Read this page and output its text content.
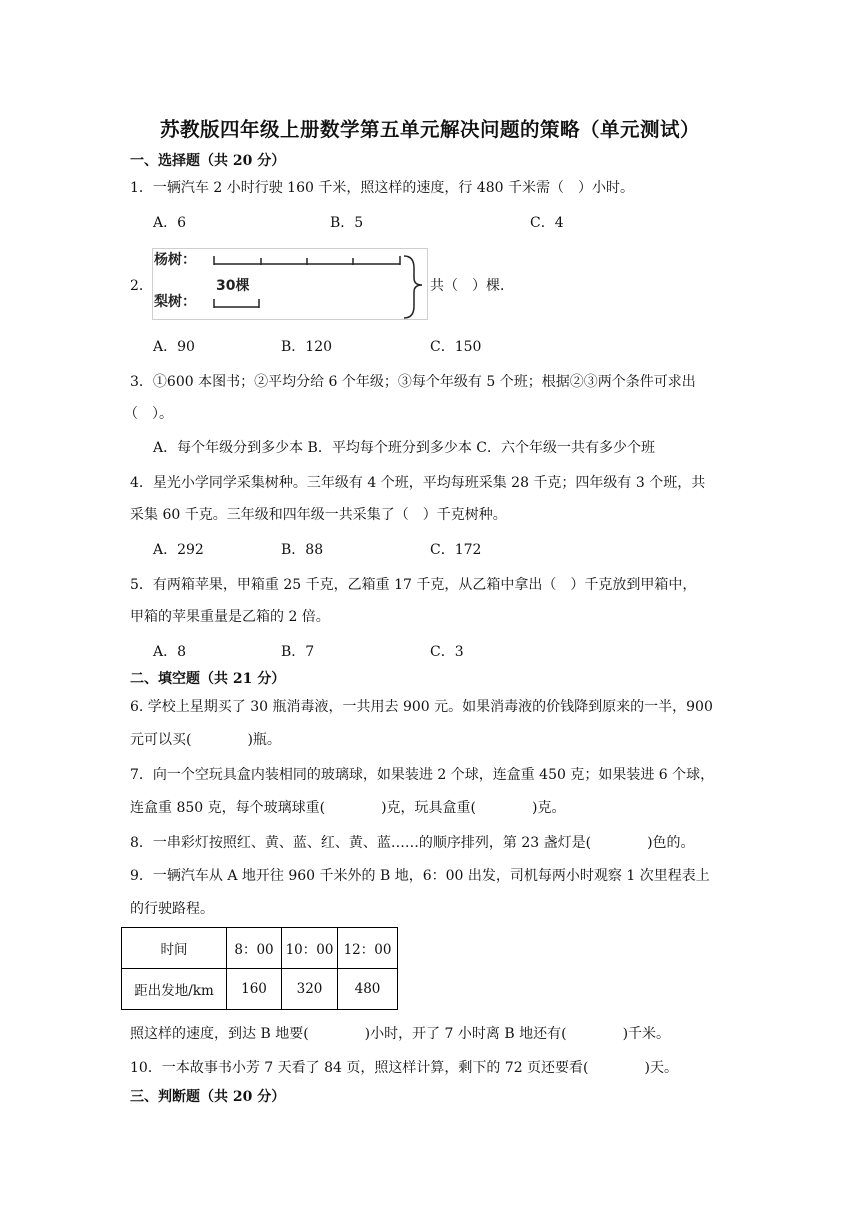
苏教版四年级上册数学第五单元解决问题的策略（单元测试）
一、选择题（共 20 分）
1．一辆汽车 2 小时行驶 160 千米，照这样的速度，行 480 千米需（　）小时。
A．6	B．5	C．4
2．
杨树：
30棵
梨树：
共（　）棵．
A．90	B．120	C．150
3．①600 本图书；②平均分给 6 个年级；③每个年级有 5 个班；根据②③两个条件可求出
（　）。
A．每个年级分到多少本 B．平均每个班分到多少本 C．六个年级一共有多少个班
4．星光小学同学采集树种。三年级有 4 个班，平均每班采集 28 千克；四年级有 3 个班，共
采集 60 千克。三年级和四年级一共采集了（　）千克树种。
A．292	B．88	C．172
5．有两箱苹果，甲箱重 25 千克，乙箱重 17 千克，从乙箱中拿出（　）千克放到甲箱中，
甲箱的苹果重量是乙箱的 2 倍。
A．8	B．7	C．3
二、填空题（共 21 分）
6. 学校上星期买了 30 瓶消毒液，一共用去 900 元。如果消毒液的价钱降到原来的一半，900
元可以买(　　　　)瓶。
7．向一个空玩具盒内装相同的玻璃球，如果装进 2 个球，连盒重 450 克；如果装进 6 个球，
连盒重 850 克，每个玻璃球重(　　　　)克，玩具盒重(　　　　)克。
8．一串彩灯按照红、黄、蓝、红、黄、蓝……的顺序排列，第 23 盏灯是(　　　　)色的。
9．一辆汽车从 A 地开往 960 千米外的 B 地，6：00 出发，司机每两小时观察 1 次里程表上
的行驶路程。
时间	8：00	10：00	12：00
距出发地/km	160	320	480
照这样的速度，到达 B 地要(　　　　)小时，开了 7 小时离 B 地还有(　　　　)千米。
10．一本故事书小芳 7 天看了 84 页，照这样计算，剩下的 72 页还要看(　　　　)天。
三、判断题（共 20 分）
